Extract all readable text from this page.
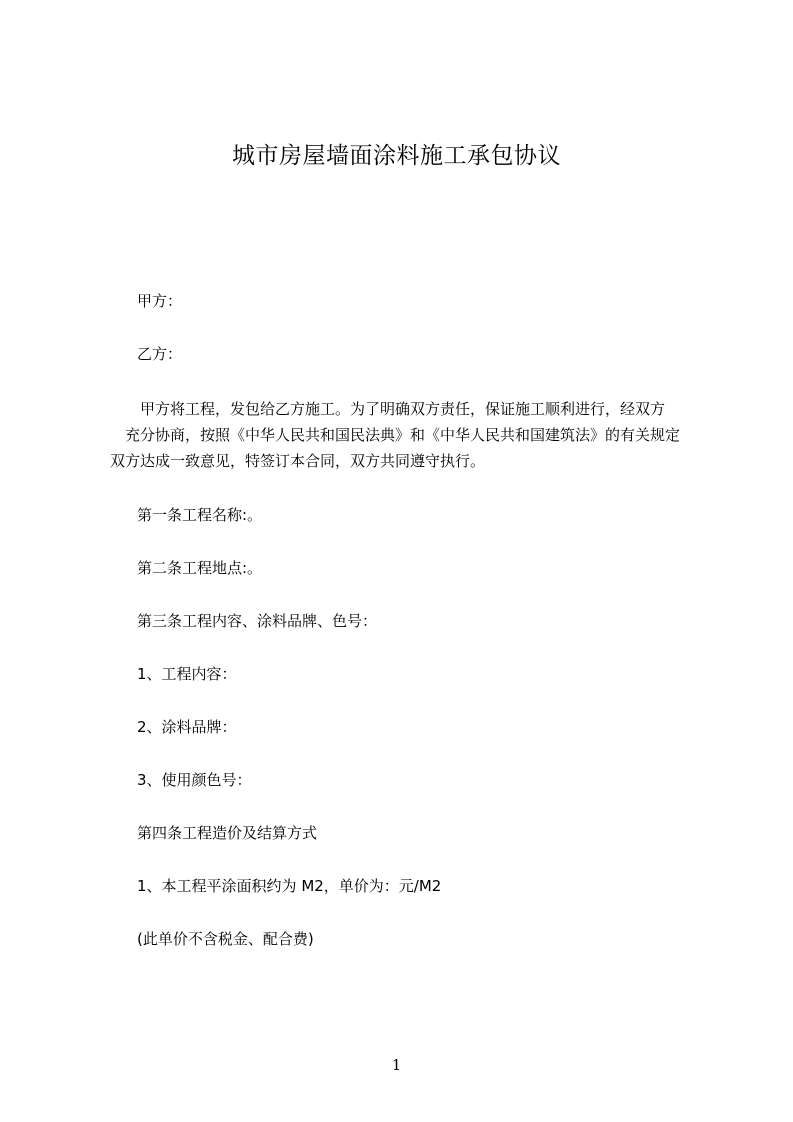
城市房屋墙面涂料施工承包协议
甲方：
乙方：
甲方将工程，发包给乙方施工。为了明确双方责任，保证施工顺利进行，经双方
充分协商，按照《中华人民共和国民法典》和《中华人民共和国建筑法》的有关规定
双方达成一致意见，特签订本合同，双方共同遵守执行。
第一条工程名称:。
第二条工程地点:。
第三条工程内容、涂料品牌、色号：
1、工程内容：
2、涂料品牌：
3、使用颜色号：
第四条工程造价及结算方式
1、本工程平涂面积约为 M2，单价为：元/M2
(此单价不含税金、配合费)
1
